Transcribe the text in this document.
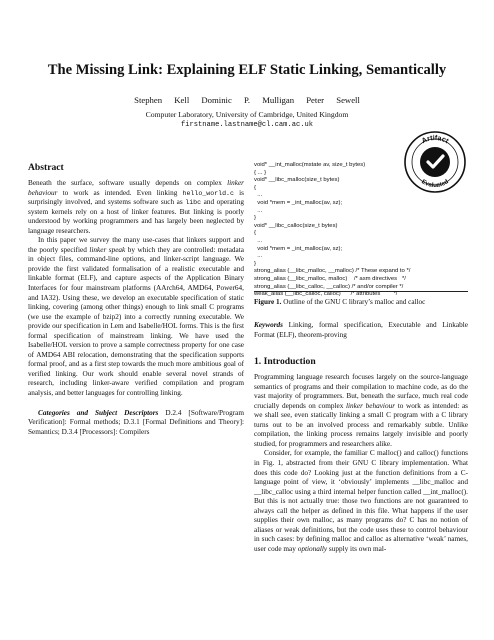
The Missing Link: Explaining ELF Static Linking, Semantically
Stephen Kell Dominic P. Mulligan Peter Sewell
Computer Laboratory, University of Cambridge, United Kingdom
firstname.lastname@cl.cam.ac.uk
Artifact
Evaluated
Abstract

Beneath the surface, software usually depends on complex linker behaviour to work as intended. Even linking hello_world.c is surprisingly involved, and systems software such as libc and operating system kernels rely on a host of linker features. But linking is poorly understood by working programmers and has largely been neglected by language researchers.

In this paper we survey the many use-cases that linkers support and the poorly specified linker speak by which they are controlled: metadata in object files, command-line options, and linker-script language. We provide the first validated formalisation of a realistic executable and linkable format (ELF), and capture aspects of the Application Binary Interfaces for four mainstream platforms (AArch64, AMD64, Power64, and IA32). Using these, we develop an executable specification of static linking, covering (among other things) enough to link small C programs (we use the example of bzip2) into a correctly running executable. We provide our specification in Lem and Isabelle/HOL forms. This is the first formal specification of mainstream linking. We have used the Isabelle/HOL version to prove a sample correctness property for one case of AMD64 ABI relocation, demonstrating that the specification supports formal proof, and as a first step towards the much more ambitious goal of verified linking. Our work should enable several novel strands of research, including linker-aware verified compilation and program analysis, and better languages for controlling linking.

Categories and Subject Descriptors D.2.4 [Software/Program Verification]: Formal methods; D.3.1 [Formal Definitions and Theory]: Semantics; D.3.4 [Processors]: Compilers

void* __int_malloc(mstate av, size_t bytes)
{ ... }
void* __libc_malloc(size_t bytes)
{
...
void *mem = _int_malloc(av, sz);
...
}
void* __libc_calloc(size_t bytes)
{
...
void *mem = _int_malloc(av, sz);
...
}
strong_alias (__libc_malloc, __malloc) /* These expand to */
strong_alias (__libc_malloc, malloc)    /* asm directives   */
strong_alias (__libc_calloc, __calloc) /* and/or compiler */
weak_alias (__libc_calloc, calloc)      /* attributes        */
Figure 1. Outline of the GNU C library’s malloc and calloc
Keywords Linking, formal specification, Executable and Linkable Format (ELF), theorem-proving
1. Introduction

Programming language research focuses largely on the source-language semantics of programs and their compilation to machine code, as do the vast majority of programmers. But, beneath the surface, much real code crucially depends on complex linker behaviour to work as intended: as we shall see, even statically linking a small C program with a C library turns out to be an involved process and remarkably subtle. Unlike compilation, the linking process remains largely invisible and poorly studied, for programmers and researchers alike.

Consider, for example, the familiar C malloc() and calloc() functions in Fig. 1, abstracted from their GNU C library implementation. What does this code do? Looking just at the function definitions from a C-language point of view, it ‘obviously’ implements __libc_malloc and __libc_calloc using a third internal helper function called __int_malloc(). But this is not actually true: those two functions are not guaranteed to always call the helper as defined in this file. What happens if the user supplies their own malloc, as many programs do? C has no notion of aliases or weak definitions, but the code uses these to control behaviour in such cases: by defining malloc and calloc as alternative ‘weak’ names, user code may optionally supply its own mal-
